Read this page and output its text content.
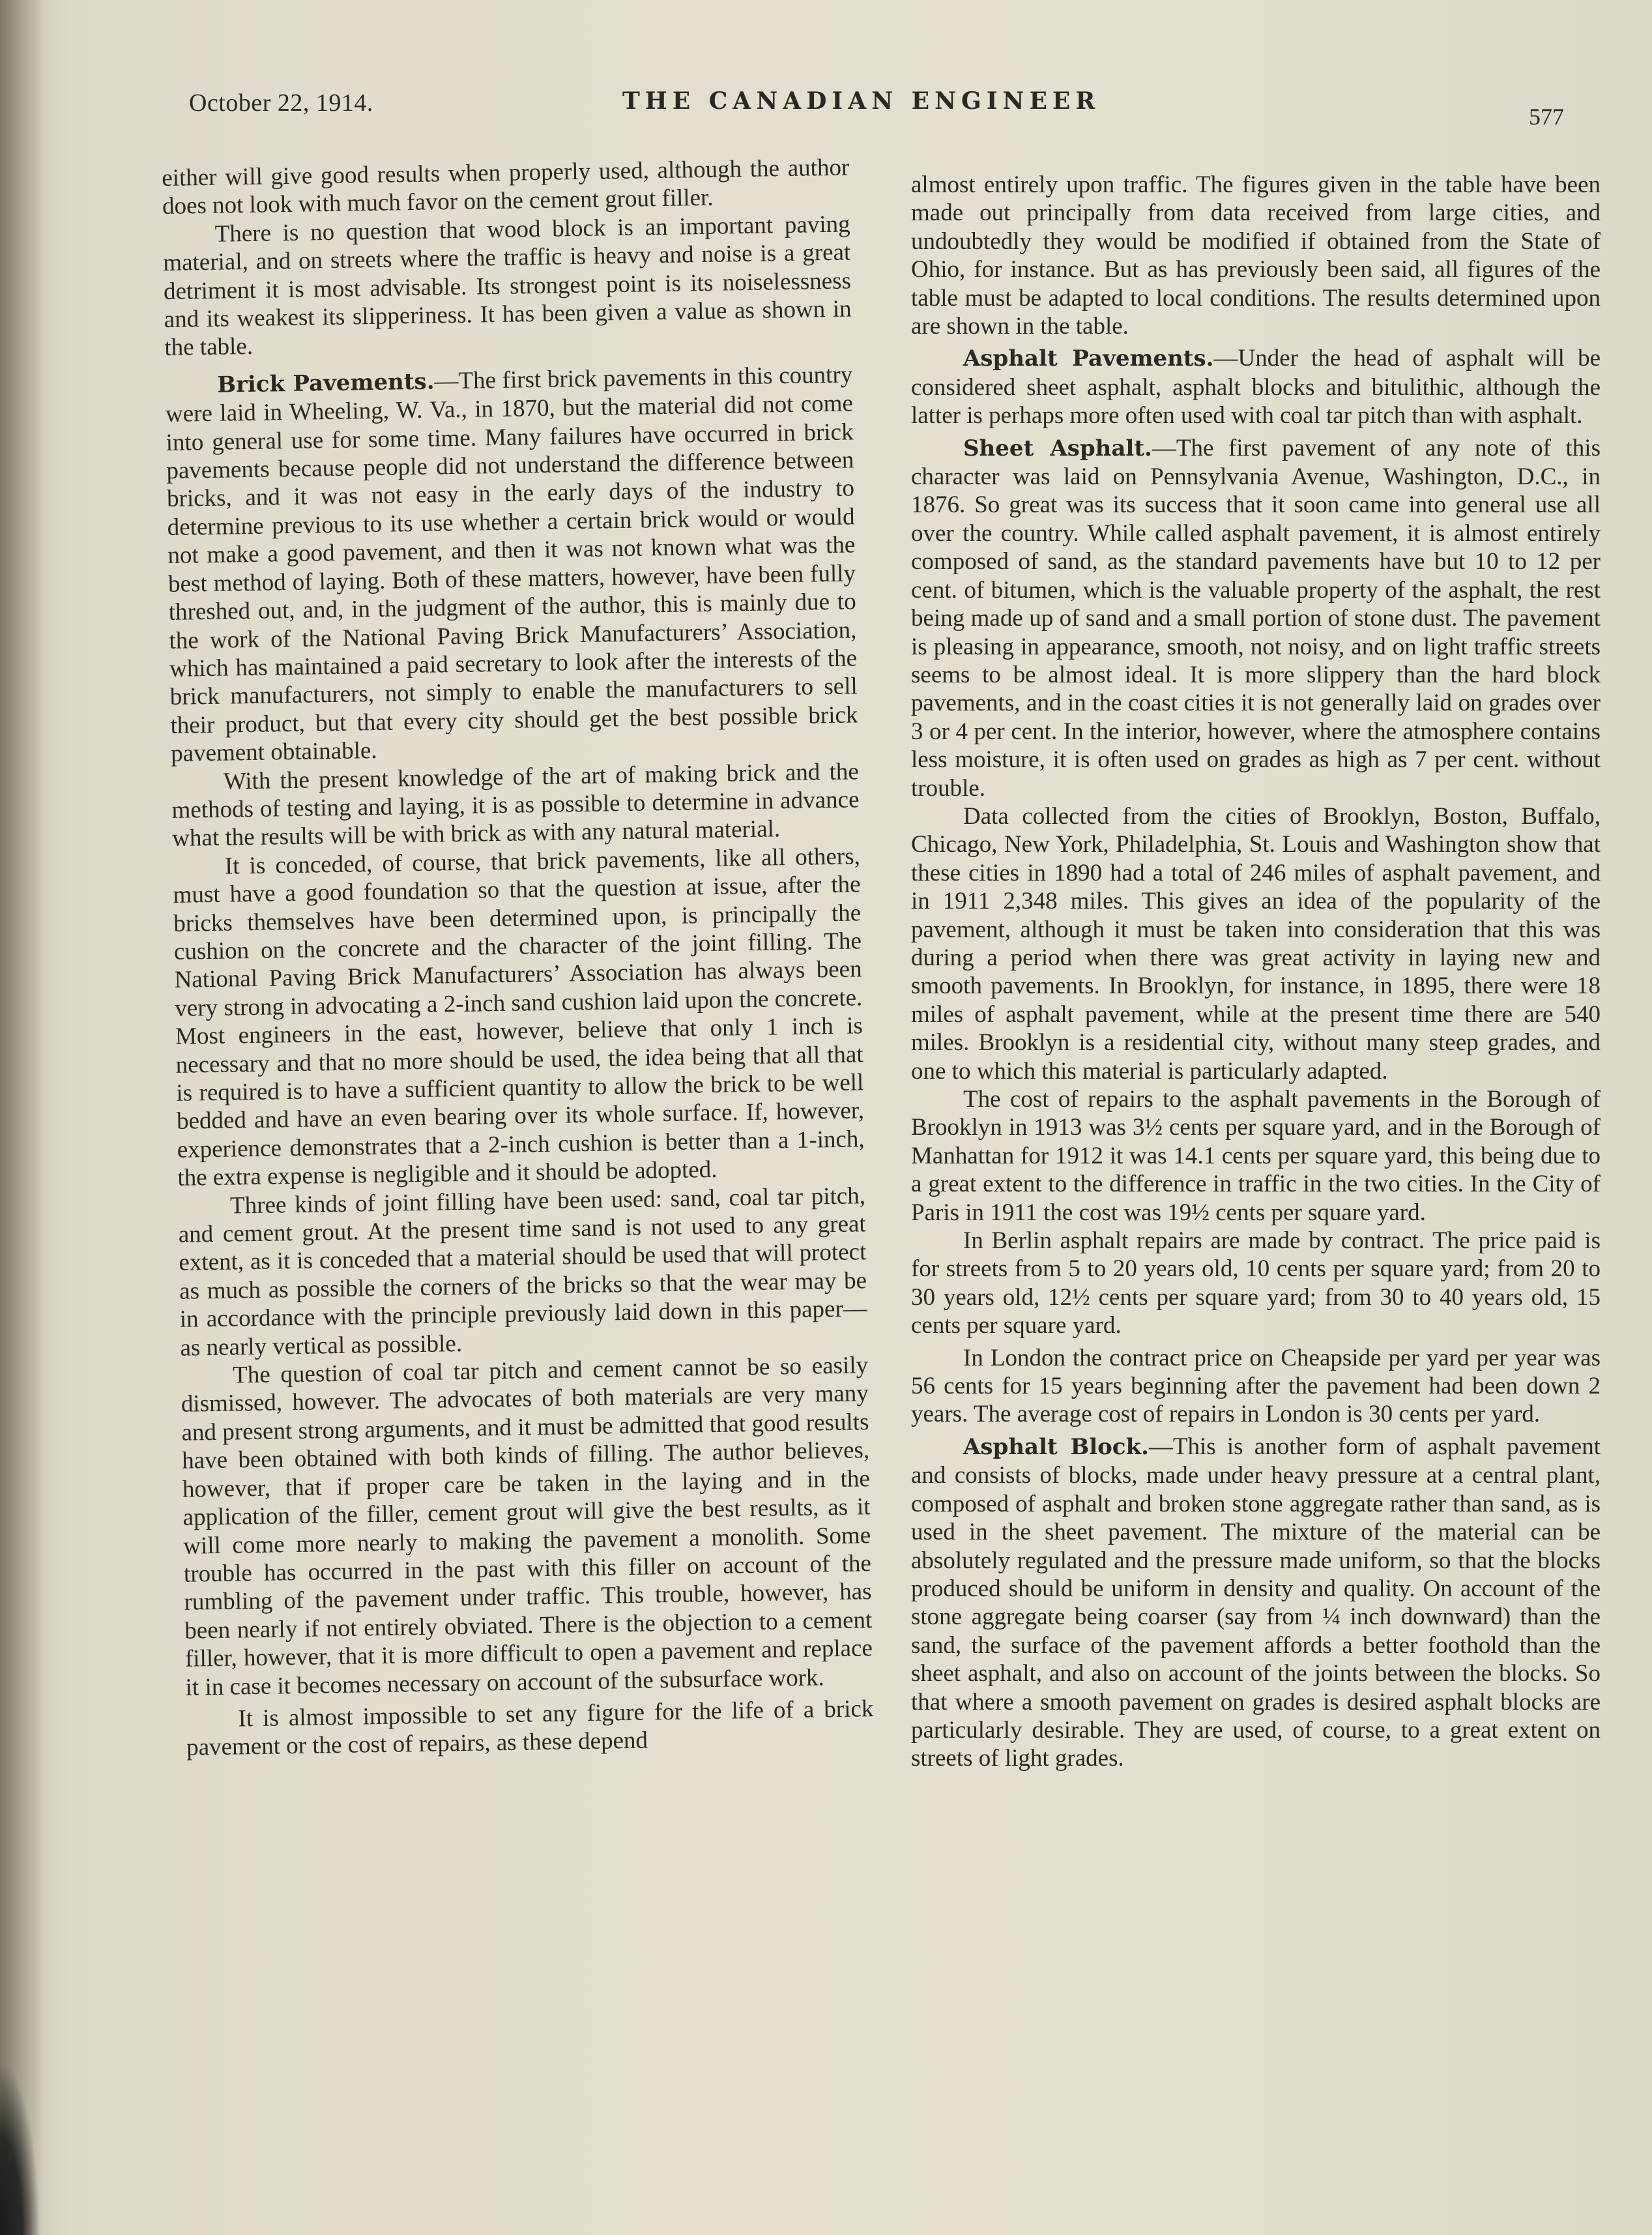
October 22, 1914.	THE CANADIAN ENGINEER
577

either will give good results when properly used, although the author does not look with much favor on the cement grout filler.

There is no question that wood block is an important paving material, and on streets where the traffic is heavy and noise is a great detriment it is most advisable. Its strongest point is its noiselessness and its weakest its slipperiness. It has been given a value as shown in the table.

Brick Pavements.—The first brick pavements in this country were laid in Wheeling, W. Va., in 1870, but the material did not come into general use for some time. Many failures have occurred in brick pavements because people did not understand the difference between bricks, and it was not easy in the early days of the industry to determine previous to its use whether a certain brick would or would not make a good pavement, and then it was not known what was the best method of laying. Both of these matters, however, have been fully threshed out, and, in the judgment of the author, this is mainly due to the work of the National Paving Brick Manufacturers’ Association, which has maintained a paid secretary to look after the interests of the brick manufacturers, not simply to enable the manufacturers to sell their product, but that every city should get the best possible brick pavement obtainable.

With the present knowledge of the art of making brick and the methods of testing and laying, it is as possible to determine in advance what the results will be with brick as with any natural material.

It is conceded, of course, that brick pavements, like all others, must have a good foundation so that the question at issue, after the bricks themselves have been determined upon, is principally the cushion on the concrete and the character of the joint filling. The National Paving Brick Manufacturers’ Association has always been very strong in advocating a 2-inch sand cushion laid upon the concrete. Most engineers in the east, however, believe that only 1 inch is necessary and that no more should be used, the idea being that all that is required is to have a sufficient quantity to allow the brick to be well bedded and have an even bearing over its whole surface. If, however, experience demonstrates that a 2-inch cushion is better than a 1-inch, the extra expense is negligible and it should be adopted.

Three kinds of joint filling have been used: sand, coal tar pitch, and cement grout. At the present time sand is not used to any great extent, as it is conceded that a material should be used that will protect as much as possible the corners of the bricks so that the wear may be in accordance with the principle previously laid down in this paper—as nearly vertical as possible.

The question of coal tar pitch and cement cannot be so easily dismissed, however. The advocates of both materials are very many and present strong arguments, and it must be admitted that good results have been obtained with both kinds of filling. The author believes, however, that if proper care be taken in the laying and in the application of the filler, cement grout will give the best results, as it will come more nearly to making the pavement a monolith. Some trouble has occurred in the past with this filler on account of the rumbling of the pavement under traffic. This trouble, however, has been nearly if not entirely obviated. There is the objection to a cement filler, however, that it is more difficult to open a pavement and replace it in case it becomes necessary on account of the subsurface work.

It is almost impossible to set any figure for the life of a brick pavement or the cost of repairs, as these depend

almost entirely upon traffic. The figures given in the table have been made out principally from data received from large cities, and undoubtedly they would be modified if obtained from the State of Ohio, for instance. But as has previously been said, all figures of the table must be adapted to local conditions. The results determined upon are shown in the table.

Asphalt Pavements.—Under the head of asphalt will be considered sheet asphalt, asphalt blocks and bitulithic, although the latter is perhaps more often used with coal tar pitch than with asphalt.

Sheet Asphalt.—The first pavement of any note of this character was laid on Pennsylvania Avenue, Washington, D.C., in 1876. So great was its success that it soon came into general use all over the country. While called asphalt pavement, it is almost entirely composed of sand, as the standard pavements have but 10 to 12 per cent. of bitumen, which is the valuable property of the asphalt, the rest being made up of sand and a small portion of stone dust. The pavement is pleasing in appearance, smooth, not noisy, and on light traffic streets seems to be almost ideal. It is more slippery than the hard block pavements, and in the coast cities it is not generally laid on grades over 3 or 4 per cent. In the interior, however, where the atmosphere contains less moisture, it is often used on grades as high as 7 per cent. without trouble.

Data collected from the cities of Brooklyn, Boston, Buffalo, Chicago, New York, Philadelphia, St. Louis and Washington show that these cities in 1890 had a total of 246 miles of asphalt pavement, and in 1911 2,348 miles. This gives an idea of the popularity of the pavement, although it must be taken into consideration that this was during a period when there was great activity in laying new and smooth pavements. In Brooklyn, for instance, in 1895, there were 18 miles of asphalt pavement, while at the present time there are 540 miles. Brooklyn is a residential city, without many steep grades, and one to which this material is particularly adapted.

The cost of repairs to the asphalt pavements in the Borough of Brooklyn in 1913 was 3½ cents per square yard, and in the Borough of Manhattan for 1912 it was 14.1 cents per square yard, this being due to a great extent to the difference in traffic in the two cities. In the City of Paris in 1911 the cost was 19½ cents per square yard.

In Berlin asphalt repairs are made by contract. The price paid is for streets from 5 to 20 years old, 10 cents per square yard; from 20 to 30 years old, 12½ cents per square yard; from 30 to 40 years old, 15 cents per square yard.

In London the contract price on Cheapside per yard per year was 56 cents for 15 years beginning after the pavement had been down 2 years. The average cost of repairs in London is 30 cents per yard.

Asphalt Block.—This is another form of asphalt pavement and consists of blocks, made under heavy pressure at a central plant, composed of asphalt and broken stone aggregate rather than sand, as is used in the sheet pavement. The mixture of the material can be absolutely regulated and the pressure made uniform, so that the blocks produced should be uniform in density and quality. On account of the stone aggregate being coarser (say from ¼ inch downward) than the sand, the surface of the pavement affords a better foothold than the sheet asphalt, and also on account of the joints between the blocks. So that where a smooth pavement on grades is desired asphalt blocks are particularly desirable. They are used, of course, to a great extent on streets of light grades.
